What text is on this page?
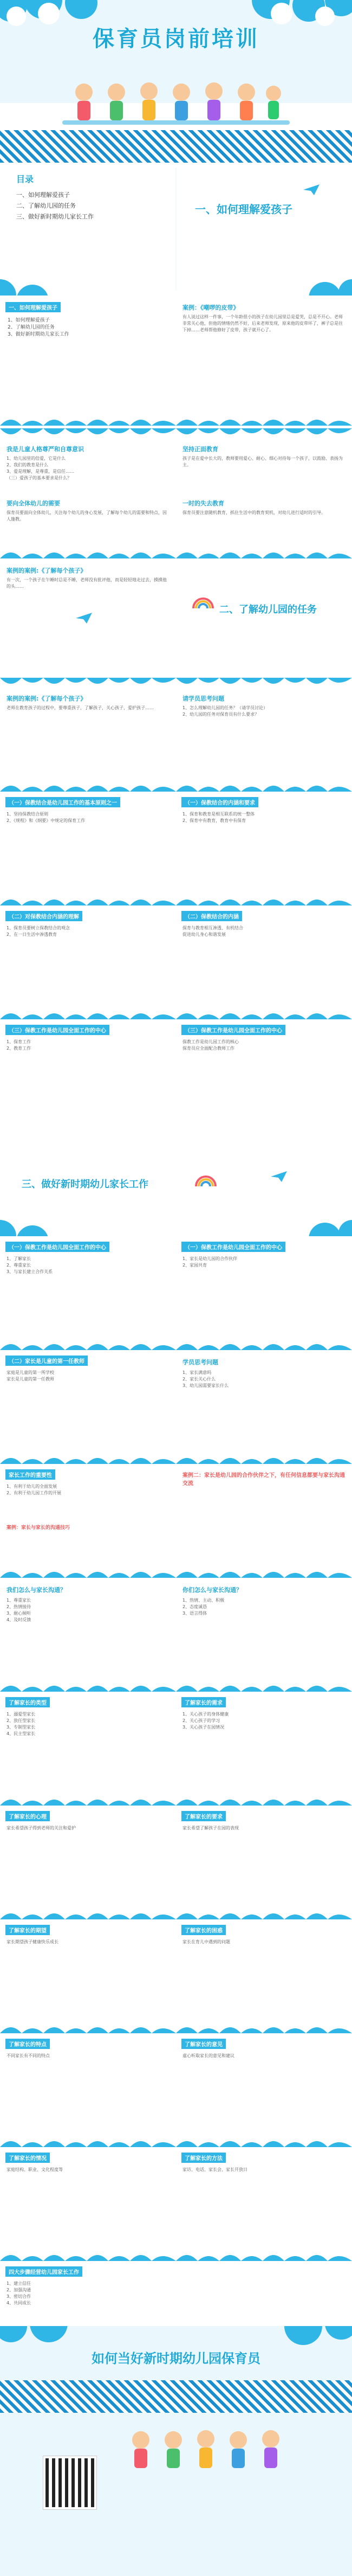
保育员岗前培训
目录
一、如何理解爱孩子
二、了解幼儿园的任务
三、做好新时期幼儿家长工作
一、如何理解爱孩子
一、如何理解爱孩子
1、如何理解爱孩子
2、了解幼儿园的任务
3、做好新时期幼儿家长工作
案例：《嘲啰的皮带》
有人说过这样一件事，一个年龄很小的孩子在幼儿园里总是爱哭，总是不开心。老师非常关心他，但他的情绪仍然不好，后来老师发现，原来他的皮带坏了，裤子总是往下掉……老师帮他修好了皮带，孩子就开心了。
我是儿童人格尊严和自尊意识
1、幼儿园里的倍爱，它是什么
2、我们的教育是什么
3、爱是理解，是尊重，是信任……
（三）爱孩子的基本要求是什么？
要向全体幼儿的需要
保育员要面向全体幼儿，关注每个幼儿的身心发展，了解每个幼儿的需要和特点，因人施教。
坚持正面教育
孩子是在爱中长大的，教师要用爱心、耐心、细心对待每一个孩子，以鼓励、表扬为主。
一时的失去教育
保育员要注意随机教育，抓住生活中的教育契机，对幼儿进行适时的引导。
案例的案例:《了解每个孩子》
有一次，一个孩子在午睡时总是不睡，老师没有批评他，而是轻轻地走过去，摸摸他的头……
二、了解幼儿园的任务
案例的案例:《了解每个孩子》
老师在教育孩子的过程中，要尊重孩子，了解孩子，关心孩子，爱护孩子……
请学员思考问题
1、怎么理解幼儿园的任务？（请学员讨论）
2、幼儿园的任务对保育员有什么要求？
（一）保教结合是幼儿园工作的基本原则之一
1、坚持保教结合原则
2、《规程》和《纲要》中规定的保育工作
（一）保教结合的内涵和要求
1、保育和教育是相互联系的统一整体
2、保育中有教育，教育中有保育
（二）对保教结合内涵的理解
1、保育员要树立保教结合的观念
2、在一日生活中渗透教育
（二）保教结合的内涵
保育与教育相互渗透、有机结合
促进幼儿身心和谐发展
（三）保教工作是幼儿园全面工作的中心
1、保育工作
2、教育工作
（三）保教工作是幼儿园全面工作的中心
保教工作是幼儿园工作的核心
保育员应全面配合教师工作
三、做好新时期幼儿家长工作
（一）保教工作是幼儿园全面工作的中心
1、了解家长
2、尊重家长
3、与家长建立合作关系
（一）保教工作是幼儿园全面工作的中心
1、家长是幼儿园的合作伙伴
2、家园共育
（二）家长是儿童的第一任教师
家庭是儿童的第一所学校
家长是儿童的第一任教师
学员思考问题
1、家长满意吗
2、家长关心什么
3、幼儿园需要家长什么
家长工作的重要性
1、有利于幼儿的全面发展
2、有利于幼儿园工作的开展
案例：家长与家长的沟通技巧
案例二：家长是幼儿园的合作伙伴之下，有任何信息都要与家长沟通交流
我们怎么与家长沟通？
1、尊重家长
2、热情接待
3、耐心倾听
4、及时反馈
你们怎么与家长沟通？
1、热情、主动、积极
2、态度诚恳
3、语言得体
了解家长的类型
1、溺爱型家长
2、放任型家长
3、专制型家长
4、民主型家长
了解家长的需求
1、关心孩子的身体健康
2、关心孩子的学习
3、关心孩子在园情况
了解家长的心理
家长希望孩子得到老师的关注和爱护
了解家长的要求
家长希望了解孩子在园的表现
了解家长的期望
家长期望孩子健康快乐成长
了解家长的困惑
家长在育儿中遇到的问题
了解家长的特点
不同家长有不同的特点
了解家长的意见
虚心听取家长的意见和建议
了解家长的情况
家庭结构、职业、文化程度等
了解家长的方法
家访、电话、家长会、家长开放日
四大步骤经营幼儿园家长工作
1、建立信任
2、加强沟通
3、密切合作
4、共同成长
如何当好新时期幼儿园保育员
